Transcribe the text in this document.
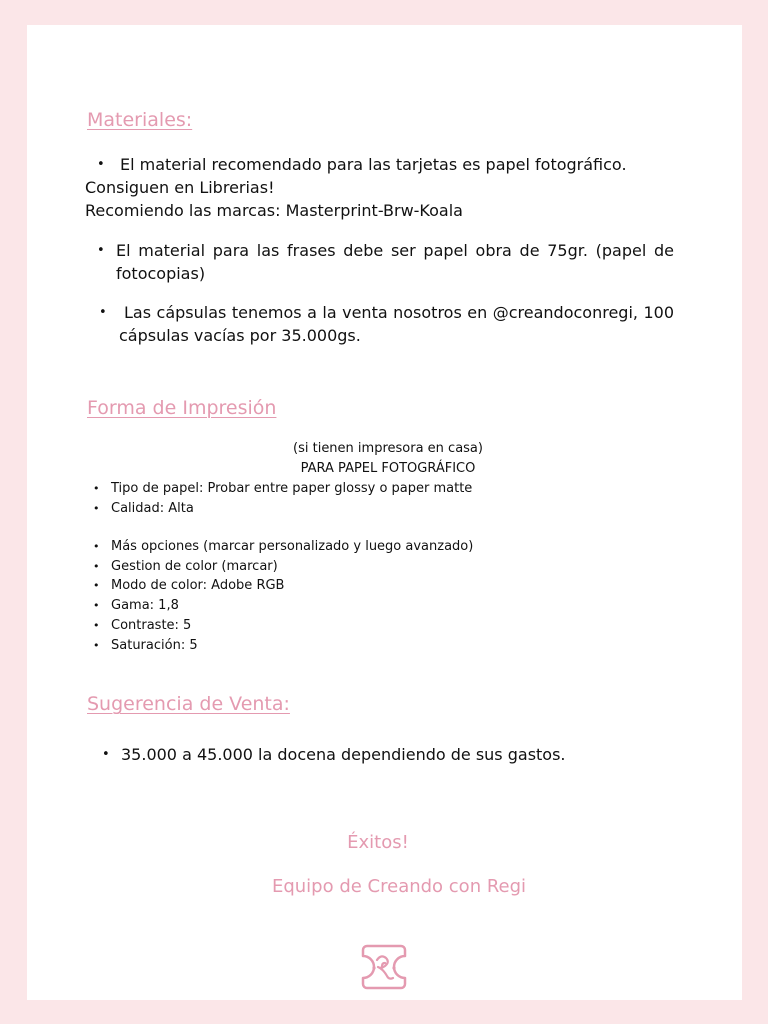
Materiales:
El material recomendado para las tarjetas es papel fotográfico.
Consiguen en Librerias!
Recomiendo las marcas: Masterprint-Brw-Koala
El material para las frases debe ser papel obra de 75gr. (papel de fotocopias)
Las cápsulas tenemos a la venta nosotros en @creandoconregi, 100 cápsulas vacías por 35.000gs.
Forma de Impresión
(si tienen impresora en casa)
PARA PAPEL FOTOGRÁFICO
• Tipo de papel: Probar entre paper glossy o paper matte
• Calidad: Alta
• Más opciones (marcar personalizado y luego avanzado)
• Gestion de color (marcar)
• Modo de color: Adobe RGB
• Gama: 1,8
• Contraste: 5
• Saturación: 5
Sugerencia de Venta:
35.000 a 45.000 la docena dependiendo de sus gastos.
Éxitos!
Equipo de Creando con Regi
